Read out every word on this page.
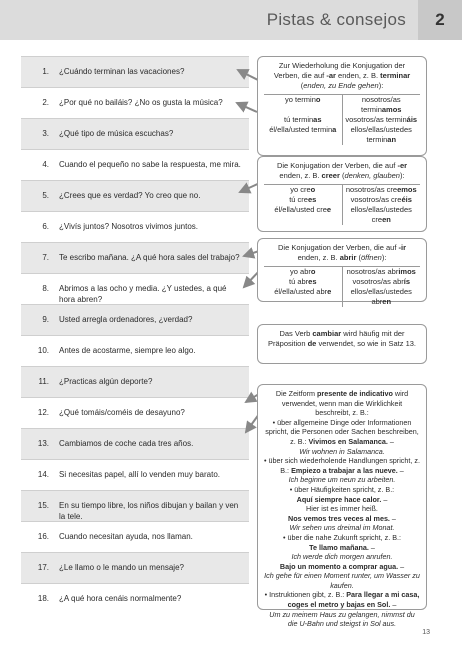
Pistas & consejos	2
1. ¿Cuándo terminan las vacaciones?
2. ¿Por qué no bailáis? ¿No os gusta la música?
3. ¿Qué tipo de música escuchas?
4. Cuando el pequeño no sabe la respuesta, me mira.
5. ¿Crees que es verdad? Yo creo que no.
6. ¿Vivís juntos? Nosotros vivimos juntos.
7. Te escribo mañana. ¿A qué hora sales del trabajo?
8. Abrimos a las ocho y media. ¿Y ustedes, a qué hora abren?
9. Usted arregla ordenadores, ¿verdad?
10. Antes de acostarme, siempre leo algo.
11. ¿Practicas algún deporte?
12. ¿Qué tomáis/coméis de desayuno?
13. Cambiamos de coche cada tres años.
14. Si necesitas papel, allí lo venden muy barato.
15. En su tiempo libre, los niños dibujan y bailan y ven la tele.
16. Cuando necesitan ayuda, nos llaman.
17. ¿Le llamo o le mando un mensaje?
18. ¿A qué hora cenáis normalmente?
Zur Wiederholung die Konjugation der Verben, die auf -ar enden, z. B. terminar (enden, zu Ende gehen):
yo termino	nosotros/as terminamos
tú terminas	vosotros/as termináis
él/ella/usted termina	ellos/ellas/ustedes terminan
Die Konjugation der Verben, die auf -er enden, z. B. creer (denken, glauben):
yo creo	nosotros/as creemos
tú crees	vosotros/as creéis
él/ella/usted cree	ellos/ellas/ustedes creen
Die Konjugation der Verben, die auf -ir enden, z. B. abrir (öffnen):
yo abro	nosotros/as abrimos
tú abres	vosotros/as abrís
él/ella/usted abre	ellos/ellas/ustedes abren
Das Verb cambiar wird häufig mit der Präposition de verwendet, so wie in Satz 13.
Die Zeitform presente de indicativo wird verwendet, wenn man die Wirklichkeit beschreibt, z. B.:
• über allgemeine Dinge oder Informationen spricht, die Personen oder Sachen beschreiben, z. B.: Vivimos en Salamanca. –
Wir wohnen in Salamanca.
• über sich wiederholende Handlungen spricht, z. B.: Empiezo a trabajar a las nueve. –
Ich beginne um neun zu arbeiten.
• über Häufigkeiten spricht, z. B.:
Aquí siempre hace calor. –
Hier ist es immer heiß.
Nos vemos tres veces al mes. –
Wir sehen uns dreimal im Monat.
• über die nahe Zukunft spricht, z. B.:
Te llamo mañana. –
Ich werde dich morgen anrufen.
Bajo un momento a comprar agua. –
Ich gehe für einen Moment runter, um Wasser zu kaufen.
• Instruktionen gibt, z. B.: Para llegar a mi casa, coges el metro y bajas en Sol. –
Um zu meinem Haus zu gelangen, nimmst du die U-Bahn und steigst in Sol aus.
13
